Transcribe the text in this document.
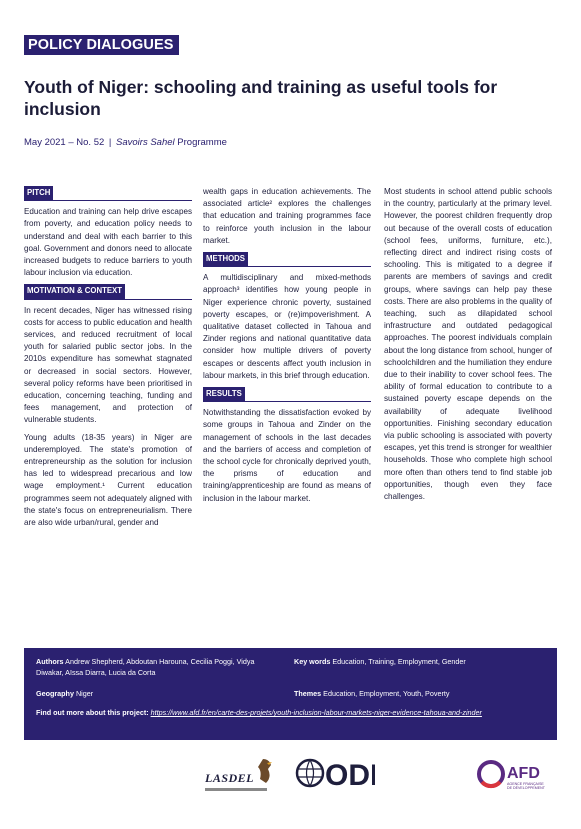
POLICY DIALOGUES
Youth of Niger: schooling and training as useful tools for inclusion
May 2021 – No. 52 | Savoirs Sahel Programme
PITCH

Education and training can help drive escapes from poverty, and education policy needs to understand and deal with each barrier to this goal. Government and donors need to allocate increased budgets to reduce barriers to youth labour inclusion via education.

MOTIVATION & CONTEXT

In recent decades, Niger has witnessed rising costs for access to public education and health services, and reduced recruitment of local youth for salaried public sector jobs. In the 2010s expenditure has somewhat stagnated or decreased in social sectors. However, several policy reforms have been prioritised in education, concerning teaching, funding and fees management, and protection of vulnerable students.

Young adults (18-35 years) in Niger are underemployed. The state's promotion of entrepreneurship as the solution for inclusion has led to widespread precarious and low wage employment.¹ Current education programmes seem not adequately aligned with the state's focus on entrepreneurialism. There are also wide urban/rural, gender and

wealth gaps in education achievements. The associated article² explores the challenges that education and training programmes face to reinforce youth inclusion in the labour market.

METHODS

A multidisciplinary and mixed-methods approach³ identifies how young people in Niger experience chronic poverty, sustained poverty escapes, or (re)impoverishment. A qualitative dataset collected in Tahoua and Zinder regions and national quantitative data consider how multiple drivers of poverty escapes or descents affect youth inclusion in labour markets, in this brief through education.

RESULTS

Notwithstanding the dissatisfaction evoked by some groups in Tahoua and Zinder on the management of schools in the last decades and the barriers of access and completion of the school cycle for chronically deprived youth, the prisms of education and training/apprenticeship are found as means of inclusion in the labour market.

Most students in school attend public schools in the country, particularly at the primary level. However, the poorest children frequently drop out because of the overall costs of education (school fees, uniforms, furniture, etc.), reflecting direct and indirect rising costs of schooling. This is mitigated to a degree if parents are members of savings and credit groups, where savings can help pay these costs. There are also problems in the quality of teaching, such as dilapidated school infrastructure and outdated pedagogical approaches. The poorest individuals complain about the long distance from school, hunger of schoolchildren and the humiliation they endure due to their inability to cover school fees. The ability of formal education to contribute to a sustained poverty escape depends on the availability of adequate livelihood opportunities. Finishing secondary education via public schooling is associated with poverty escapes, yet this trend is stronger for wealthier households. Those who complete high school more often than others tend to find stable job opportunities, though even they face challenges.

Authors Andrew Shepherd, Abdoutan Harouna, Cecilia Poggi, Vidya Diwakar, Aïssa Diarra, Lucia da Corta
Key words Education, Training, Employment, Gender
Geography Niger	Themes Education, Employment, Youth, Poverty
Find out more about this project: https://www.afd.fr/en/carte-des-projets/youth-inclusion-labour-markets-niger-evidence-tahoua-and-zinder
LASDEL	ODI	AFD
AGENCE FRANÇAISE
DE DÉVELOPPEMENT
